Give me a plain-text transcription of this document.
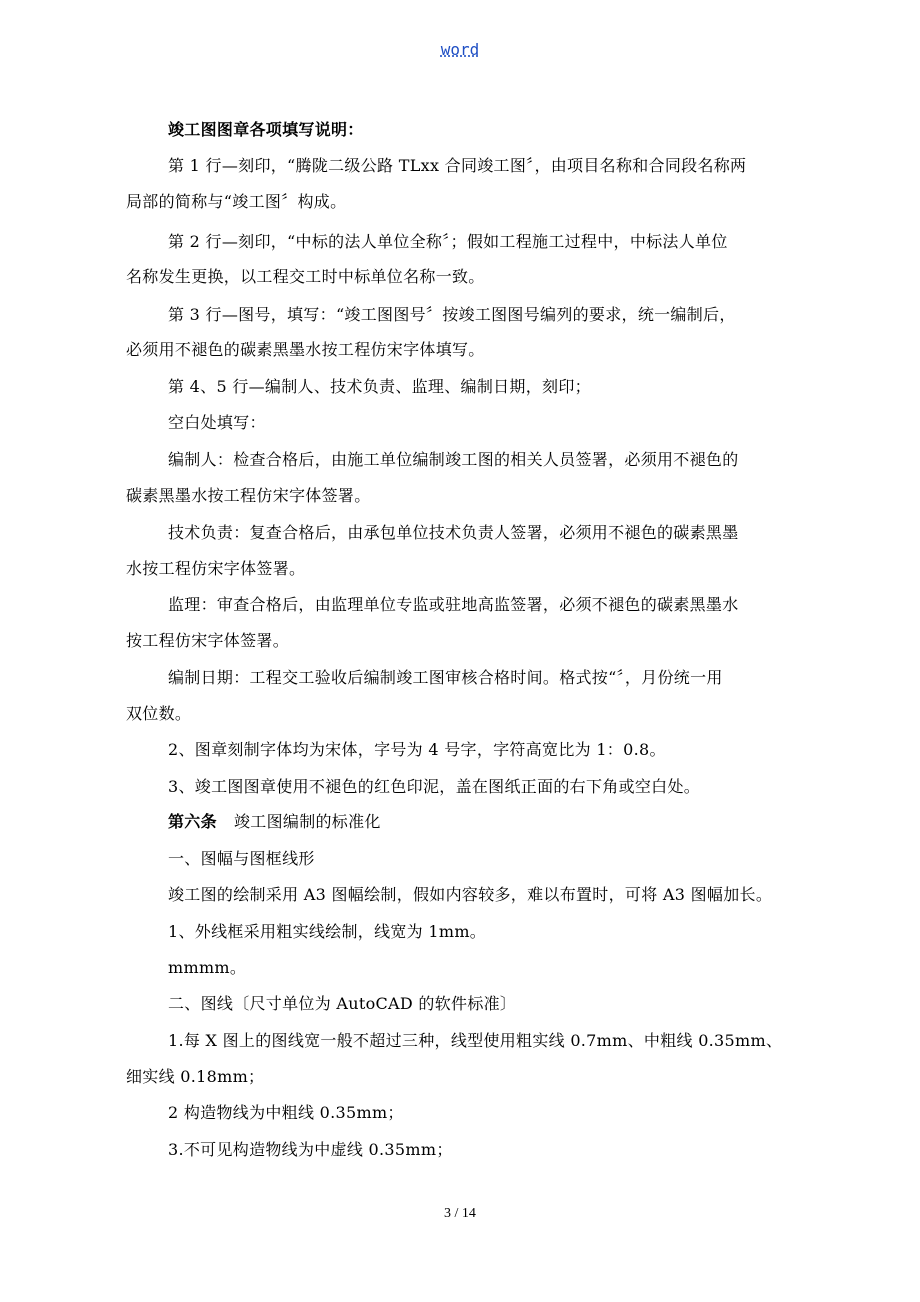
word
竣工图图章各项填写说明：
第 1 行—刻印，“腾陇二级公路 TLxx 合同竣工图〞，由项目名称和合同段名称两
局部的简称与“竣工图〞构成。
第 2 行—刻印，“中标的法人单位全称〞；假如工程施工过程中，中标法人单位
名称发生更换，以工程交工时中标单位名称一致。
第 3 行—图号，填写：“竣工图图号〞按竣工图图号编列的要求，统一编制后，
必须用不褪色的碳素黑墨水按工程仿宋字体填写。
第 4、5 行—编制人、技术负责、监理、编制日期，刻印；
空白处填写：
编制人：检查合格后，由施工单位编制竣工图的相关人员签署，必须用不褪色的
碳素黑墨水按工程仿宋字体签署。
技术负责：复查合格后，由承包单位技术负责人签署，必须用不褪色的碳素黑墨
水按工程仿宋字体签署。
监理：审查合格后，由监理单位专监或驻地高监签署，必须不褪色的碳素黑墨水
按工程仿宋字体签署。
编制日期：工程交工验收后编制竣工图审核合格时间。格式按“〞，月份统一用
双位数。
2、图章刻制字体均为宋体，字号为 4 号字，字符高宽比为 1：0.8。
3、竣工图图章使用不褪色的红色印泥，盖在图纸正面的右下角或空白处。
第六条 竣工图编制的标准化
一、图幅与图框线形
竣工图的绘制采用 A3 图幅绘制，假如内容较多，难以布置时，可将 A3 图幅加长。
1、外线框采用粗实线绘制，线宽为 1mm。
mmmm。
二、图线〔尺寸单位为 AutoCAD 的软件标准〕
1.每 X 图上的图线宽一般不超过三种，线型使用粗实线 0.7mm、中粗线 0.35mm、
细实线 0.18mm；
2 构造物线为中粗线 0.35mm；
3.不可见构造物线为中虚线 0.35mm；
3 / 14
